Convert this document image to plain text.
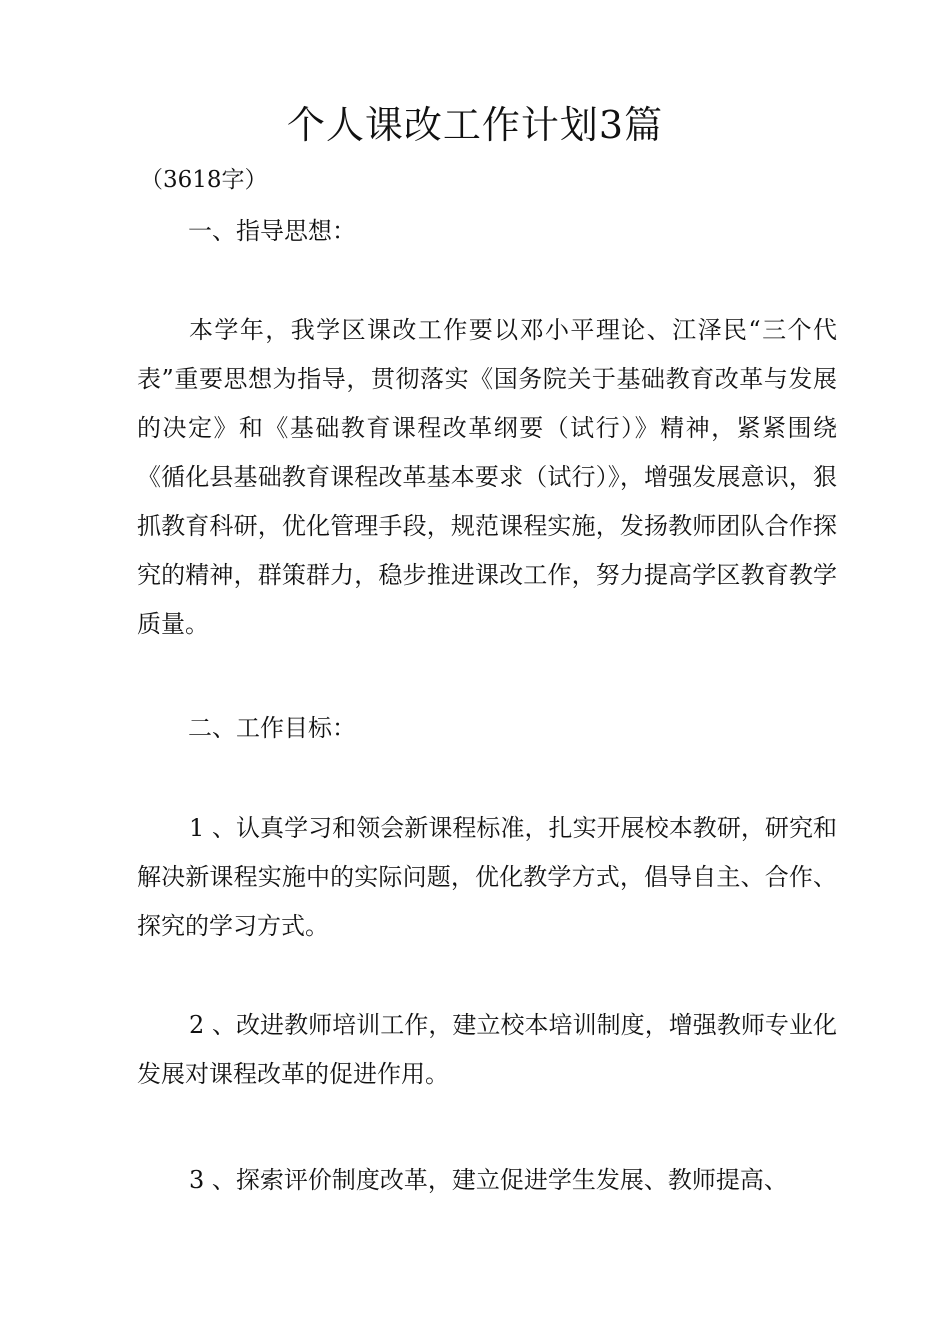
个人课改工作计划3篇
（3618字）
一、指导思想：

本学年，我学区课改工作要以邓小平理论、江泽民“三个代表”重要思想为指导，贯彻落实《国务院关于基础教育改革与发展的决定》和《基础教育课程改革纲要（试行）》精神，紧紧围绕《循化县基础教育课程改革基本要求（试行）》，增强发展意识，狠抓教育科研，优化管理手段，规范课程实施，发扬教师团队合作探究的精神，群策群力，稳步推进课改工作，努力提高学区教育教学质量。

二、工作目标：

1 、认真学习和领会新课程标准，扎实开展校本教研，研究和解决新课程实施中的实际问题，优化教学方式，倡导自主、合作、探究的学习方式。

2 、改进教师培训工作，建立校本培训制度，增强教师专业化发展对课程改革的促进作用。

3 、探索评价制度改革，建立促进学生发展、教师提高、
